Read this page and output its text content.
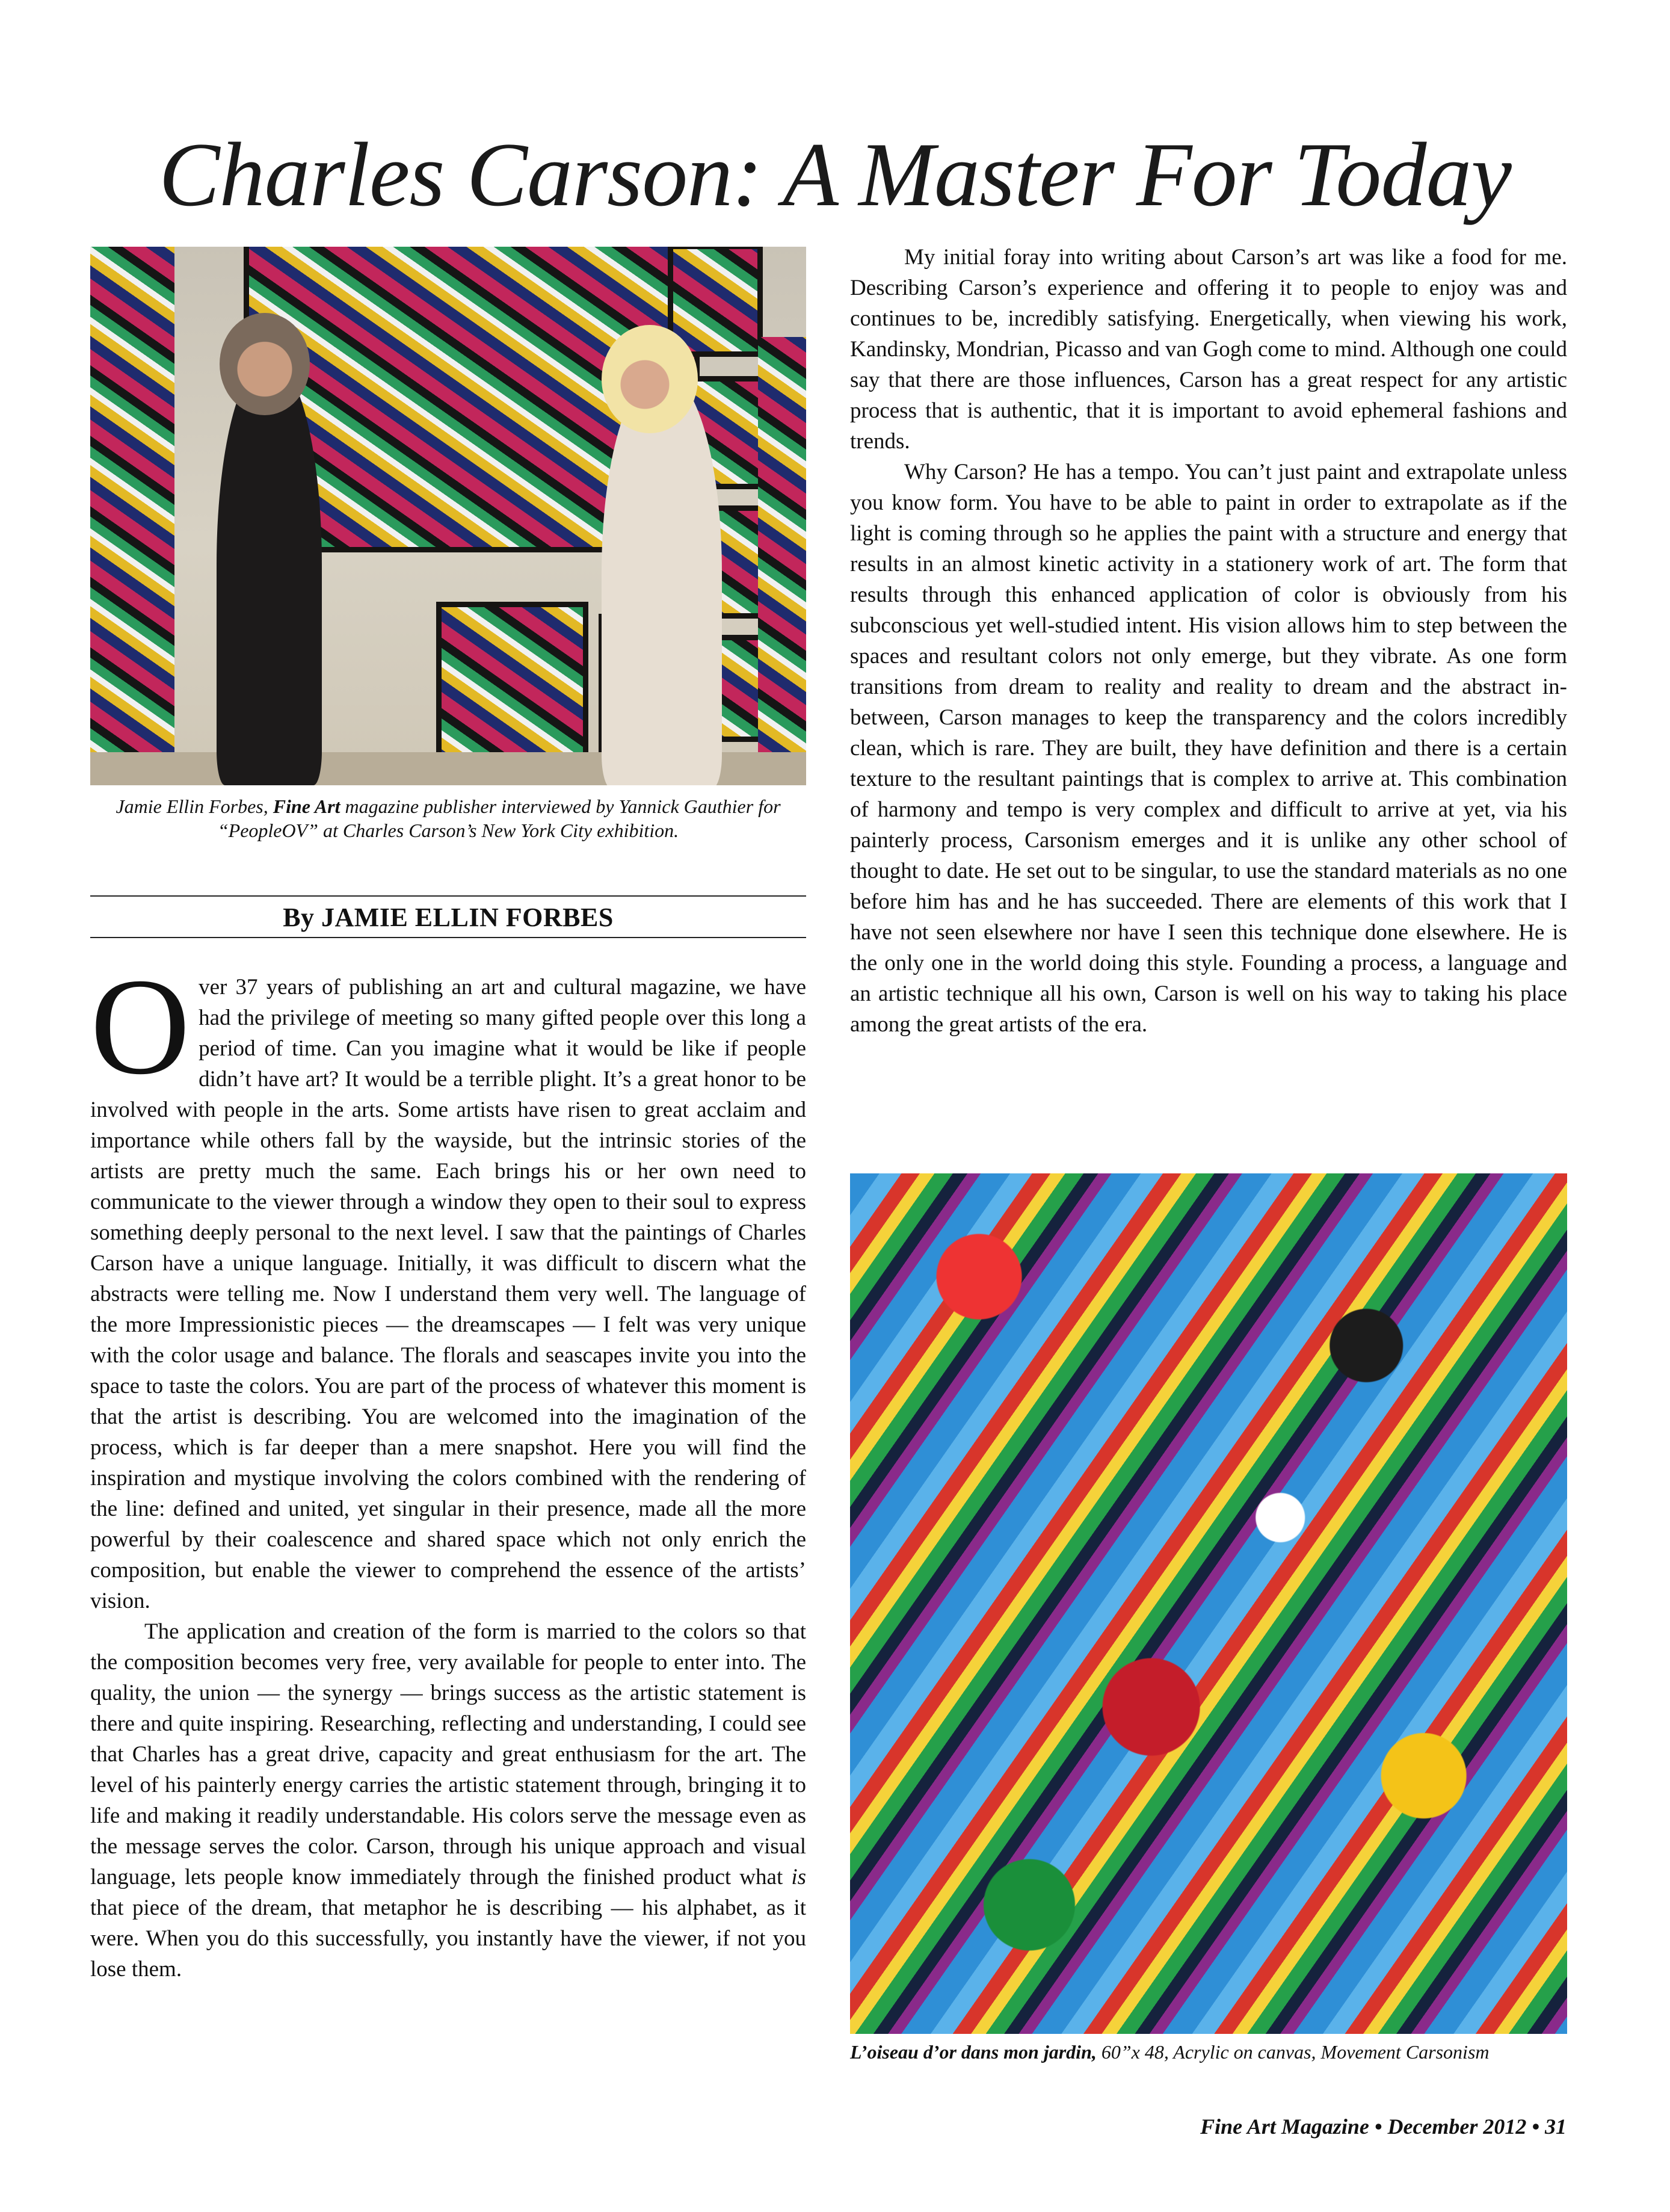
Charles Carson: A Master For Today
Jamie Ellin Forbes, Fine Art magazine publisher interviewed by Yannick Gauthier for “PeopleOV” at Charles Carson’s New York City exhibition.
By JAMIE ELLIN FORBES

Over 37 years of publishing an art and cultural magazine, we have had the privilege of meeting so many gifted people over this long a period of time. Can you imagine what it would be like if people didn’t have art? It would be a terrible plight. It’s a great honor to be involved with people in the arts. Some artists have risen to great acclaim and importance while others fall by the wayside, but the intrinsic stories of the artists are pretty much the same. Each brings his or her own need to communicate to the viewer through a window they open to their soul to express something deeply personal to the next level. I saw that the paintings of Charles Carson have a unique language. Initially, it was difficult to discern what the abstracts were telling me. Now I understand them very well. The language of the more Impressionistic pieces — the dreamscapes — I felt was very unique with the color usage and balance. The florals and seascapes invite you into the space to taste the colors. You are part of the process of whatever this moment is that the artist is describing. You are welcomed into the imagination of the process, which is far deeper than a mere snapshot. Here you will find the inspiration and mystique involving the colors combined with the rendering of the line: defined and united, yet singular in their presence, made all the more powerful by their coalescence and shared space which not only enrich the composition, but enable the viewer to comprehend the essence of the artists’ vision.

The application and creation of the form is married to the colors so that the composition becomes very free, very available for people to enter into. The quality, the union — the synergy — brings success as the artistic statement is there and quite inspiring. Researching, reflecting and understanding, I could see that Charles has a great drive, capacity and great enthusiasm for the art. The level of his painterly energy carries the artistic statement through, bringing it to life and making it readily understandable. His colors serve the message even as the message serves the color. Carson, through his unique approach and visual language, lets people know immediately through the finished product what is that piece of the dream, that metaphor he is describing — his alphabet, as it were. When you do this successfully, you instantly have the viewer, if not you lose them.

My initial foray into writing about Carson’s art was like a food for me. Describing Carson’s experience and offering it to people to enjoy was and continues to be, incredibly satisfying. Energetically, when viewing his work, Kandinsky, Mondrian, Picasso and van Gogh come to mind. Although one could say that there are those influences, Carson has a great respect for any artistic process that is authentic, that it is important to avoid ephemeral fashions and trends.

Why Carson? He has a tempo. You can’t just paint and extrapolate unless you know form. You have to be able to paint in order to extrapolate as if the light is coming through so he applies the paint with a structure and energy that results in an almost kinetic activity in a stationery work of art. The form that results through this enhanced application of color is obviously from his subconscious yet well-studied intent. His vision allows him to step between the spaces and resultant colors not only emerge, but they vibrate. As one form transitions from dream to reality and reality to dream and the abstract in-between, Carson manages to keep the transparency and the colors incredibly clean, which is rare. They are built, they have definition and there is a certain texture to the resultant paintings that is complex to arrive at. This combination of harmony and tempo is very complex and difficult to arrive at yet, via his painterly process, Carsonism emerges and it is unlike any other school of thought to date. He set out to be singular, to use the standard materials as no one before him has and he has succeeded. There are elements of this work that I have not seen elsewhere nor have I seen this technique done elsewhere. He is the only one in the world doing this style. Founding a process, a language and an artistic technique all his own, Carson is well on his way to taking his place among the great artists of the era.

L’oiseau d’or dans mon jardin, 60”x 48, Acrylic on canvas, Movement Carsonism
Fine Art Magazine • December 2012 • 31
